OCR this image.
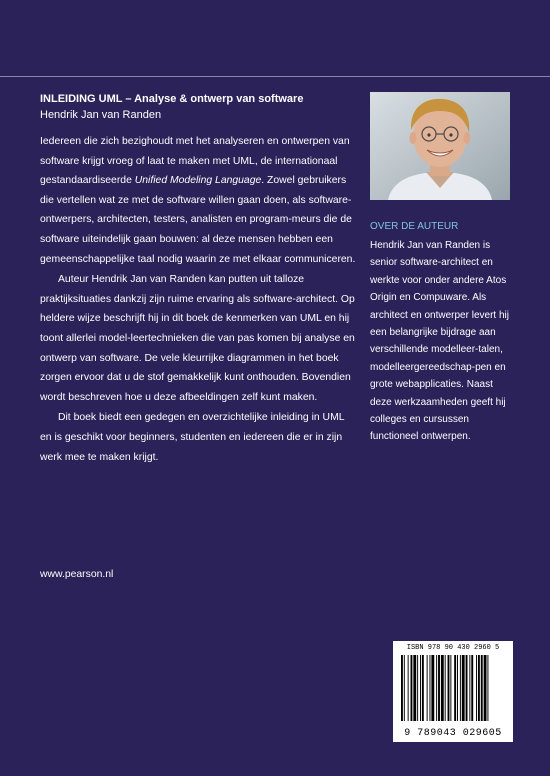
INLEIDING UML – Analyse & ontwerp van software

Hendrik Jan van Randen

Iedereen die zich bezighoudt met het analyseren en ontwerpen van software krijgt vroeg of laat te maken met UML, de internationaal gestandaardiseerde Unified Modeling Language. Zowel gebruikers die vertellen wat ze met de software willen gaan doen, als software-ontwerpers, architecten, testers, analisten en program-meurs die de software uiteindelijk gaan bouwen: al deze mensen hebben een gemeenschappelijke taal nodig waarin ze met elkaar communiceren.

Auteur Hendrik Jan van Randen kan putten uit talloze praktijksituaties dankzij zijn ruime ervaring als software-architect. Op heldere wijze beschrijft hij in dit boek de kenmerken van UML en hij toont allerlei model-leertechnieken die van pas komen bij analyse en ontwerp van software. De vele kleurrijke diagrammen in het boek zorgen ervoor dat u de stof gemakkelijk kunt onthouden. Bovendien wordt beschreven hoe u deze afbeeldingen zelf kunt maken.

Dit boek biedt een gedegen en overzichtelijke inleiding in UML en is geschikt voor beginners, studenten en iedereen die er in zijn werk mee te maken krijgt.

www.pearson.nl
OVER DE AUTEUR

Hendrik Jan van Randen is senior software-architect en werkte voor onder andere Atos Origin en Compuware. Als architect en ontwerper levert hij een belangrijke bijdrage aan verschillende modelleer-talen, modelleergereedschap-pen en grote webapplicaties. Naast deze werkzaamheden geeft hij colleges en cursussen functioneel ontwerpen.

ISBN 978 90 430 2960 5
9 789043 029605
